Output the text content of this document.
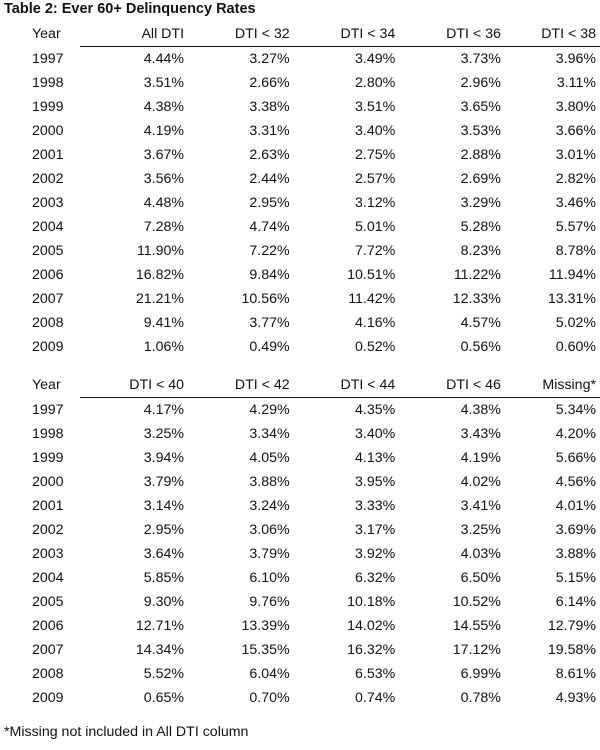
Table 2: Ever 60+ Delinquency Rates
Year	All DTI	DTI < 32	DTI < 34	DTI < 36	DTI < 38
1997	4.44%	3.27%	3.49%	3.73%	3.96%
1998	3.51%	2.66%	2.80%	2.96%	3.11%
1999	4.38%	3.38%	3.51%	3.65%	3.80%
2000	4.19%	3.31%	3.40%	3.53%	3.66%
2001	3.67%	2.63%	2.75%	2.88%	3.01%
2002	3.56%	2.44%	2.57%	2.69%	2.82%
2003	4.48%	2.95%	3.12%	3.29%	3.46%
2004	7.28%	4.74%	5.01%	5.28%	5.57%
2005	11.90%	7.22%	7.72%	8.23%	8.78%
2006	16.82%	9.84%	10.51%	11.22%	11.94%
2007	21.21%	10.56%	11.42%	12.33%	13.31%
2008	9.41%	3.77%	4.16%	4.57%	5.02%
2009	1.06%	0.49%	0.52%	0.56%	0.60%
Year	DTI < 40	DTI < 42	DTI < 44	DTI < 46	Missing*
1997	4.17%	4.29%	4.35%	4.38%	5.34%
1998	3.25%	3.34%	3.40%	3.43%	4.20%
1999	3.94%	4.05%	4.13%	4.19%	5.66%
2000	3.79%	3.88%	3.95%	4.02%	4.56%
2001	3.14%	3.24%	3.33%	3.41%	4.01%
2002	2.95%	3.06%	3.17%	3.25%	3.69%
2003	3.64%	3.79%	3.92%	4.03%	3.88%
2004	5.85%	6.10%	6.32%	6.50%	5.15%
2005	9.30%	9.76%	10.18%	10.52%	6.14%
2006	12.71%	13.39%	14.02%	14.55%	12.79%
2007	14.34%	15.35%	16.32%	17.12%	19.58%
2008	5.52%	6.04%	6.53%	6.99%	8.61%
2009	0.65%	0.70%	0.74%	0.78%	4.93%
*Missing not included in All DTI column
